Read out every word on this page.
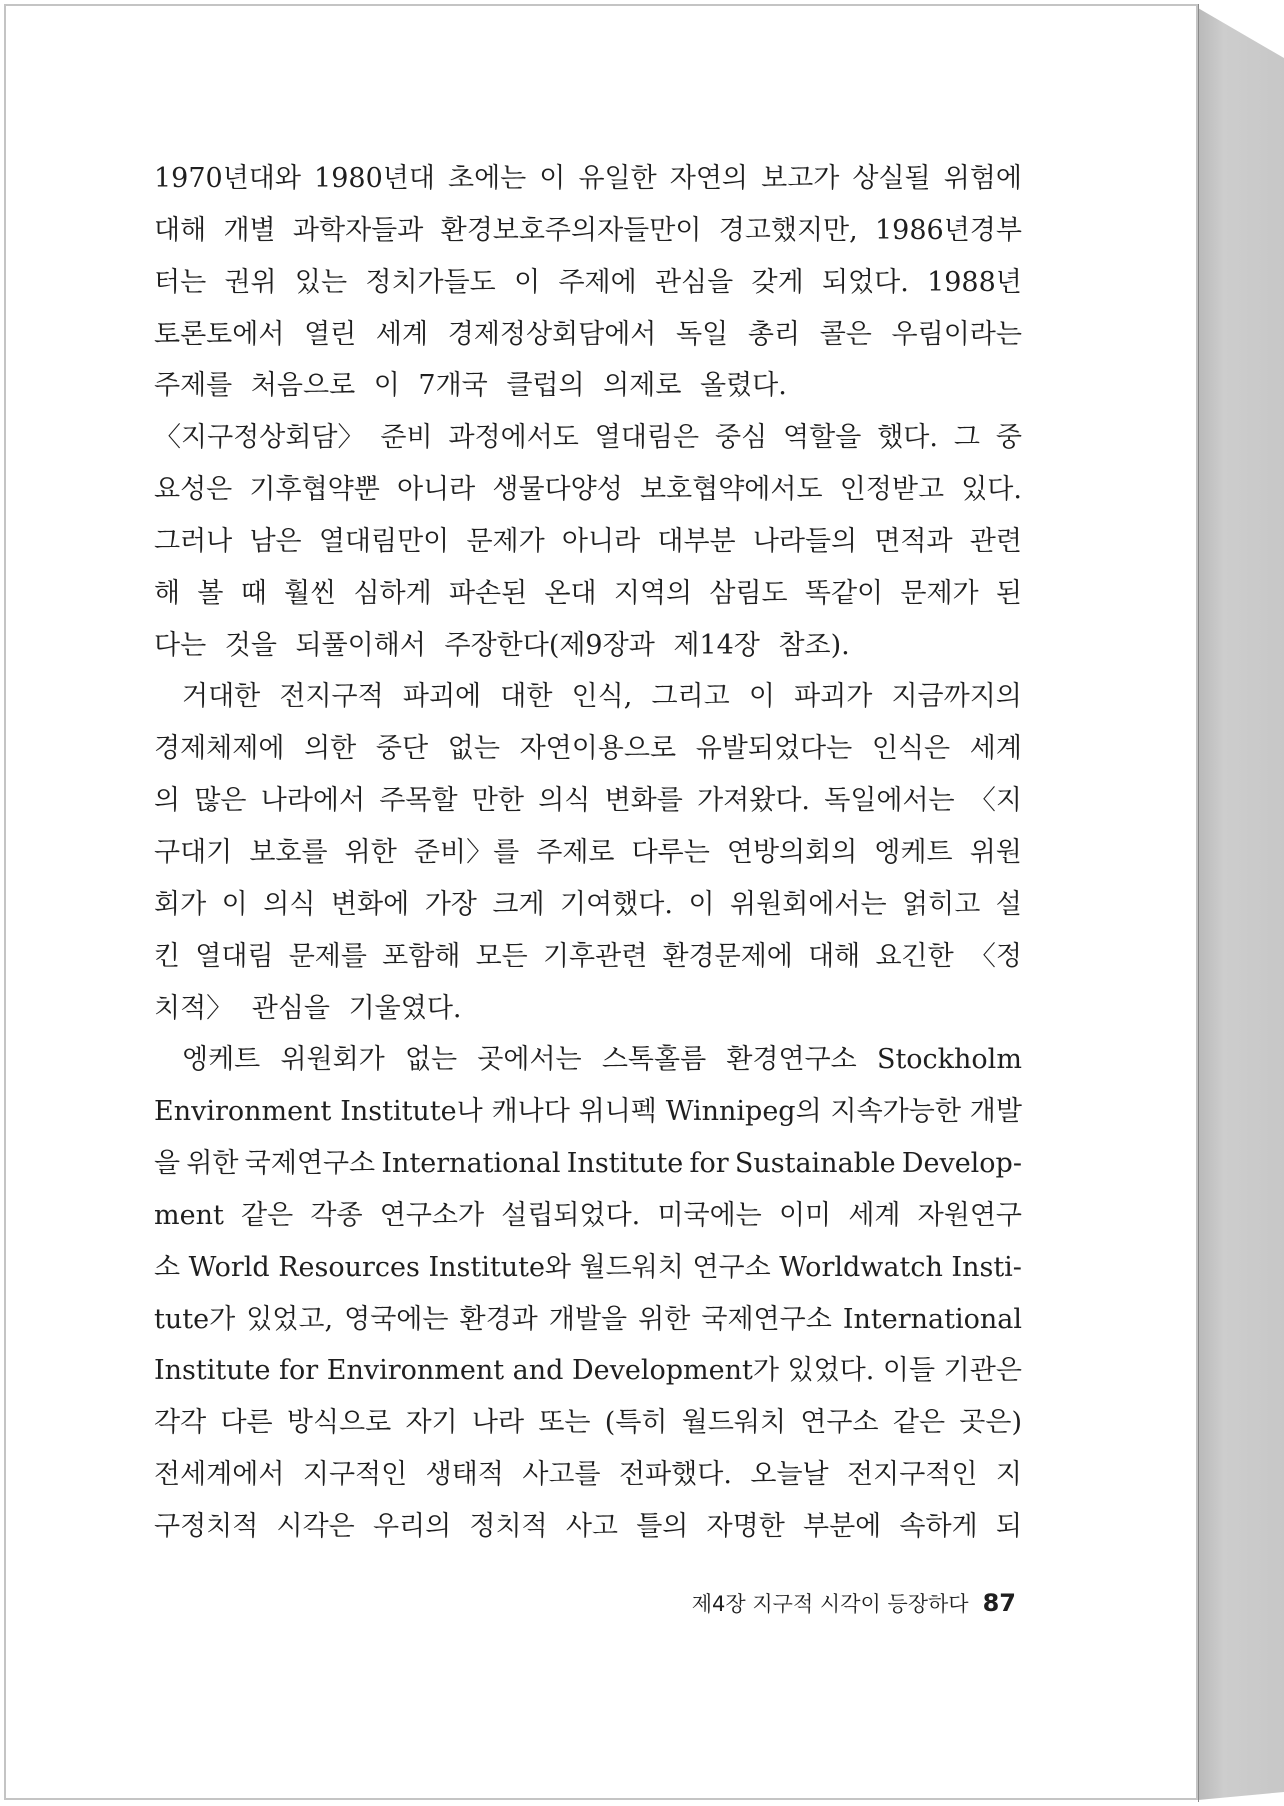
1970년대와 1980년대 초에는 이 유일한 자연의 보고가 상실될 위험에
대해 개별 과학자들과 환경보호주의자들만이 경고했지만, 1986년경부
터는 권위 있는 정치가들도 이 주제에 관심을 갖게 되었다. 1988년
토론토에서 열린 세계 경제정상회담에서 독일 총리 콜은 우림이라는
주제를 처음으로 이 7개국 클럽의 의제로 올렸다.
〈지구정상회담〉 준비 과정에서도 열대림은 중심 역할을 했다. 그 중
요성은 기후협약뿐 아니라 생물다양성 보호협약에서도 인정받고 있다.
그러나 남은 열대림만이 문제가 아니라 대부분 나라들의 면적과 관련
해 볼 때 훨씬 심하게 파손된 온대 지역의 삼림도 똑같이 문제가 된
다는 것을 되풀이해서 주장한다(제9장과 제14장 참조).
거대한 전지구적 파괴에 대한 인식, 그리고 이 파괴가 지금까지의
경제체제에 의한 중단 없는 자연이용으로 유발되었다는 인식은 세계
의 많은 나라에서 주목할 만한 의식 변화를 가져왔다. 독일에서는 〈지
구대기 보호를 위한 준비〉를 주제로 다루는 연방의회의 엥케트 위원
회가 이 의식 변화에 가장 크게 기여했다. 이 위원회에서는 얽히고 설
킨 열대림 문제를 포함해 모든 기후관련 환경문제에 대해 요긴한 〈정
치적〉 관심을 기울였다.
엥케트 위원회가 없는 곳에서는 스톡홀름 환경연구소 Stockholm
Environment Institute나 캐나다 위니펙 Winnipeg의 지속가능한 개발
을 위한 국제연구소 International Institute for Sustainable Develop-
ment 같은 각종 연구소가 설립되었다. 미국에는 이미 세계 자원연구
소 World Resources Institute와 월드워치 연구소 Worldwatch Insti-
tute가 있었고, 영국에는 환경과 개발을 위한 국제연구소 International
Institute for Environment and Development가 있었다. 이들 기관은
각각 다른 방식으로 자기 나라 또는 (특히 월드워치 연구소 같은 곳은)
전세계에서 지구적인 생태적 사고를 전파했다. 오늘날 전지구적인 지
구정치적 시각은 우리의 정치적 사고 틀의 자명한 부분에 속하게 되
제4장 지구적 시각이 등장하다 87
